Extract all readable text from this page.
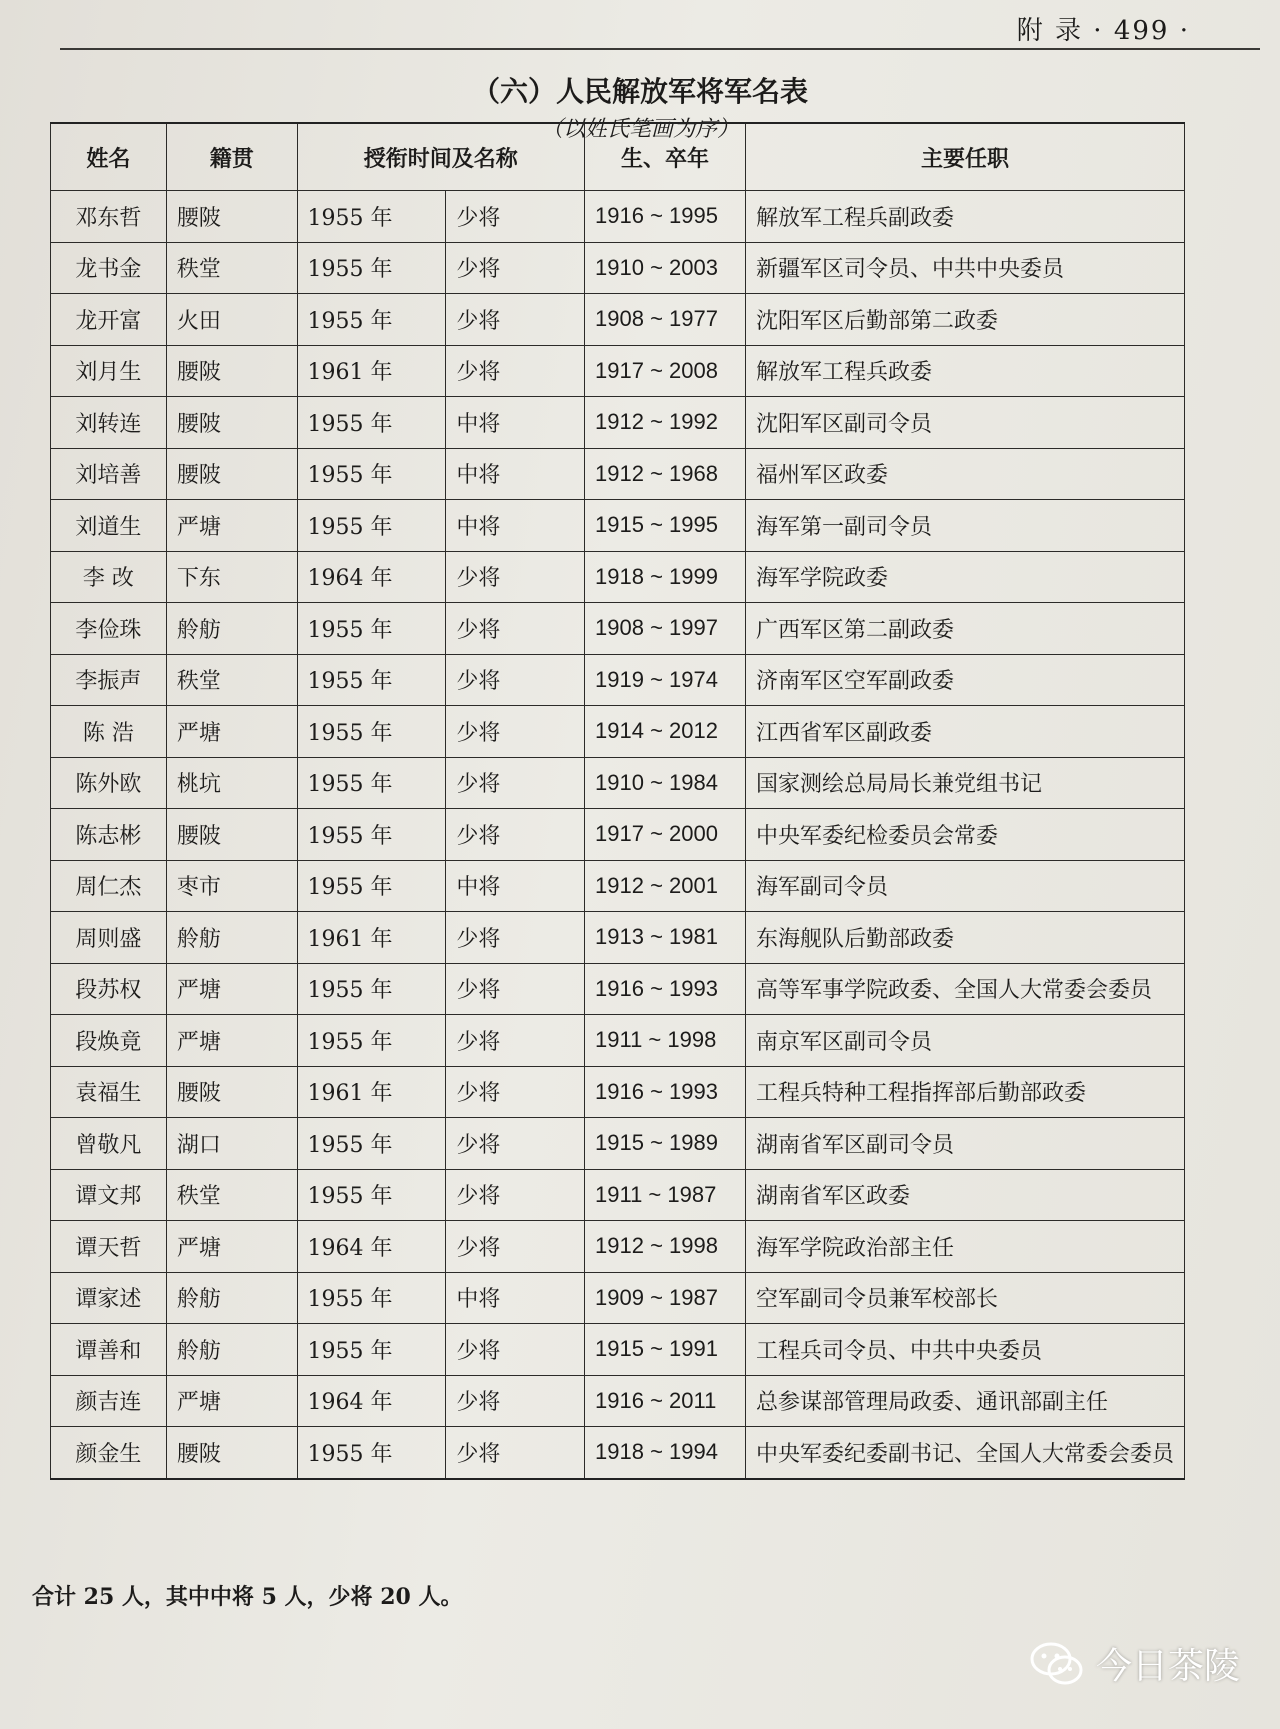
附 录 · 499 ·
（六）人民解放军将军名表
（以姓氏笔画为序）
姓名	籍贯	授衔时间及名称		生、卒年	主要任职
邓东哲	腰陂	1955 年	少将	1916 ~ 1995	解放军工程兵副政委
龙书金	秩堂	1955 年	少将	1910 ~ 2003	新疆军区司令员、中共中央委员
龙开富	火田	1955 年	少将	1908 ~ 1977	沈阳军区后勤部第二政委
刘月生	腰陂	1961 年	少将	1917 ~ 2008	解放军工程兵政委
刘转连	腰陂	1955 年	中将	1912 ~ 1992	沈阳军区副司令员
刘培善	腰陂	1955 年	中将	1912 ~ 1968	福州军区政委
刘道生	严塘	1955 年	中将	1915 ~ 1995	海军第一副司令员
李 改	下东	1964 年	少将	1918 ~ 1999	海军学院政委
李俭珠	舲舫	1955 年	少将	1908 ~ 1997	广西军区第二副政委
李振声	秩堂	1955 年	少将	1919 ~ 1974	济南军区空军副政委
陈 浩	严塘	1955 年	少将	1914 ~ 2012	江西省军区副政委
陈外欧	桃坑	1955 年	少将	1910 ~ 1984	国家测绘总局局长兼党组书记
陈志彬	腰陂	1955 年	少将	1917 ~ 2000	中央军委纪检委员会常委
周仁杰	枣市	1955 年	中将	1912 ~ 2001	海军副司令员
周则盛	舲舫	1961 年	少将	1913 ~ 1981	东海舰队后勤部政委
段苏权	严塘	1955 年	少将	1916 ~ 1993	高等军事学院政委、全国人大常委会委员
段焕竟	严塘	1955 年	少将	1911 ~ 1998	南京军区副司令员
袁福生	腰陂	1961 年	少将	1916 ~ 1993	工程兵特种工程指挥部后勤部政委
曾敬凡	湖口	1955 年	少将	1915 ~ 1989	湖南省军区副司令员
谭文邦	秩堂	1955 年	少将	1911 ~ 1987	湖南省军区政委
谭天哲	严塘	1964 年	少将	1912 ~ 1998	海军学院政治部主任
谭家述	舲舫	1955 年	中将	1909 ~ 1987	空军副司令员兼军校部长
谭善和	舲舫	1955 年	少将	1915 ~ 1991	工程兵司令员、中共中央委员
颜吉连	严塘	1964 年	少将	1916 ~ 2011	总参谋部管理局政委、通讯部副主任
颜金生	腰陂	1955 年	少将	1918 ~ 1994	中央军委纪委副书记、全国人大常委会委员
合计 25 人，其中中将 5 人，少将 20 人。
今日茶陵
